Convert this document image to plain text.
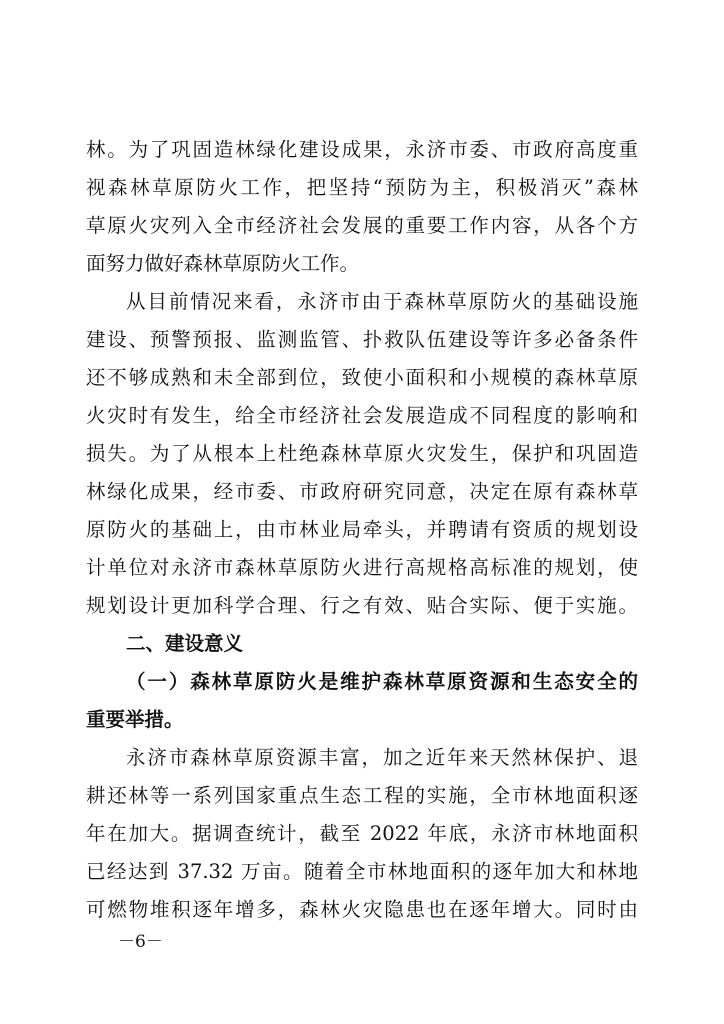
林。为了巩固造林绿化建设成果，永济市委、市政府高度重
视森林草原防火工作，把坚持“预防为主，积极消灭”森林
草原火灾列入全市经济社会发展的重要工作内容，从各个方
面努力做好森林草原防火工作。
从目前情况来看，永济市由于森林草原防火的基础设施
建设、预警预报、监测监管、扑救队伍建设等许多必备条件
还不够成熟和未全部到位，致使小面积和小规模的森林草原
火灾时有发生，给全市经济社会发展造成不同程度的影响和
损失。为了从根本上杜绝森林草原火灾发生，保护和巩固造
林绿化成果，经市委、市政府研究同意，决定在原有森林草
原防火的基础上，由市林业局牵头，并聘请有资质的规划设
计单位对永济市森林草原防火进行高规格高标准的规划，使
规划设计更加科学合理、行之有效、贴合实际、便于实施。
二、建设意义
（一）森林草原防火是维护森林草原资源和生态安全的
重要举措。
永济市森林草原资源丰富，加之近年来天然林保护、退
耕还林等一系列国家重点生态工程的实施，全市林地面积逐
年在加大。据调查统计，截至 2022 年底，永济市林地面积
已经达到 37.32 万亩。随着全市林地面积的逐年加大和林地
可燃物堆积逐年增多，森林火灾隐患也在逐年增大。同时由
－6－
